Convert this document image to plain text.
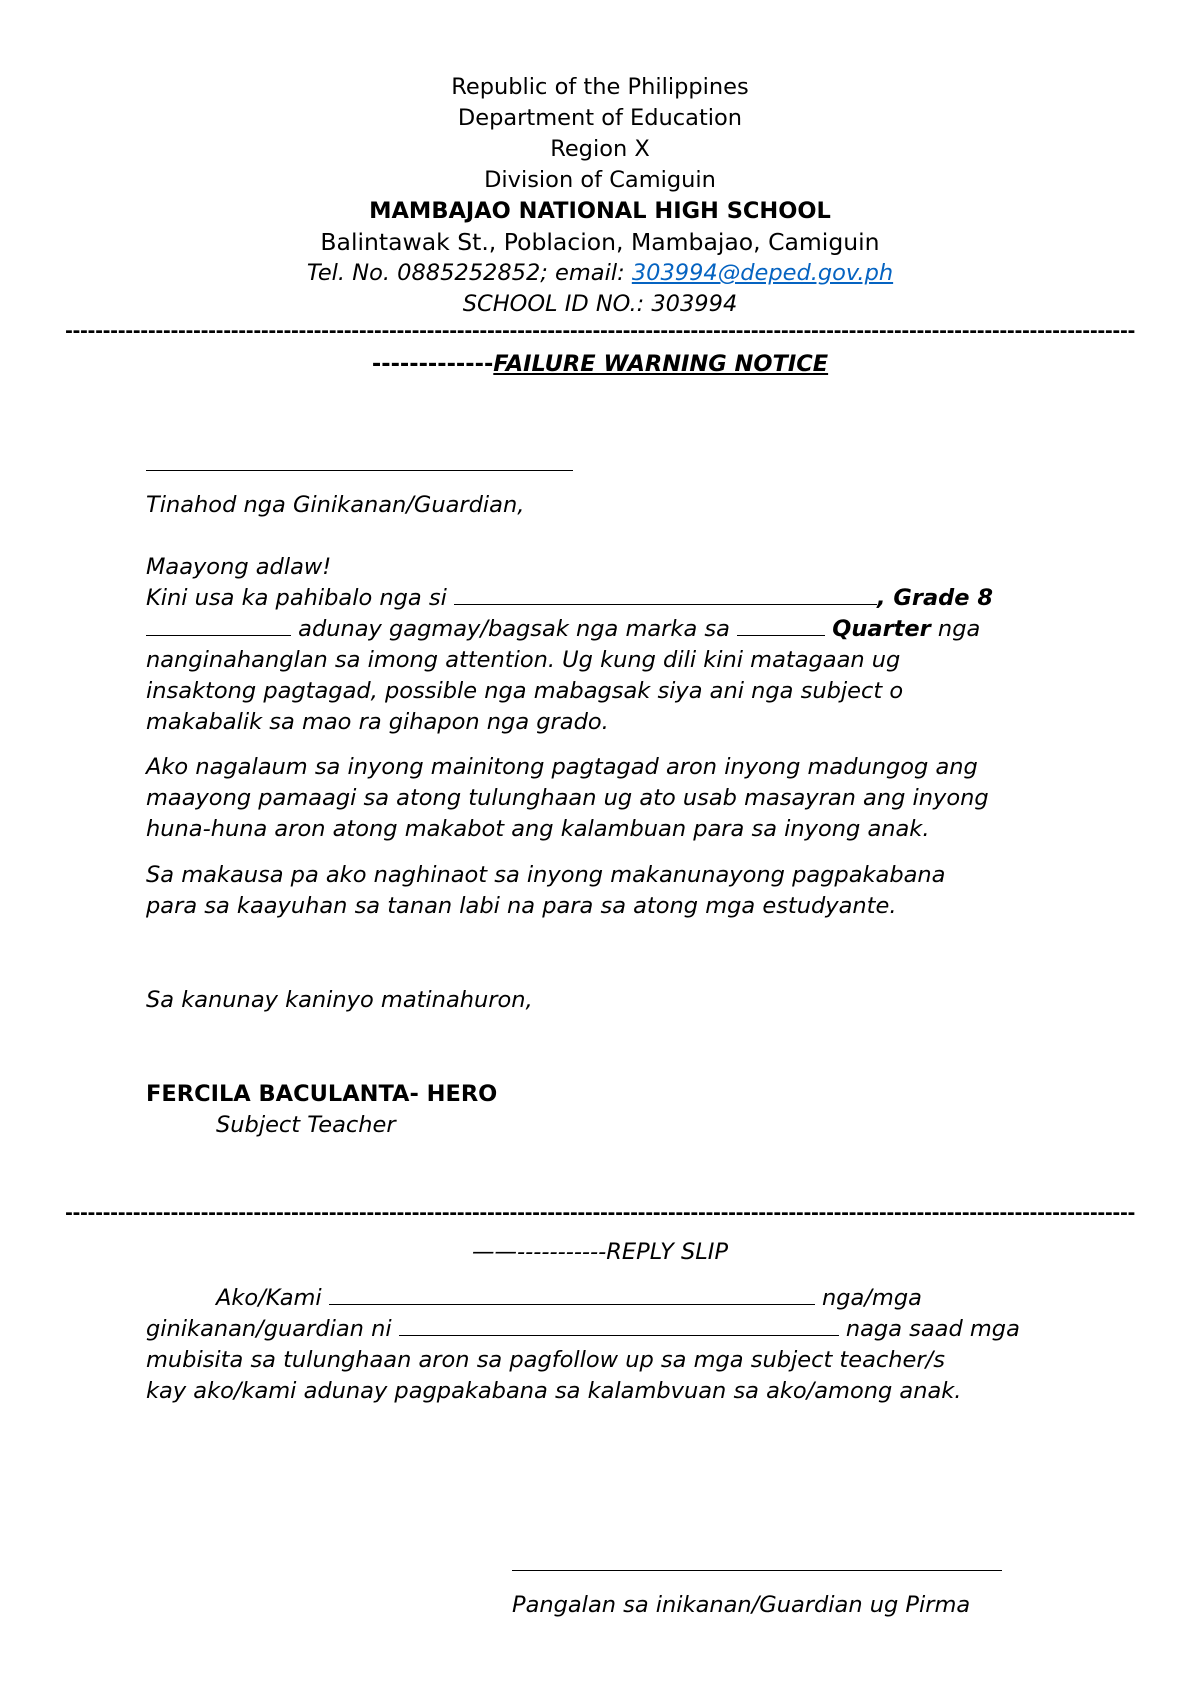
Republic of the Philippines
Department of Education
Region X
Division of Camiguin
MAMBAJAO NATIONAL HIGH SCHOOL
Balintawak St., Poblacion, Mambajao, Camiguin
Tel. No. 0885252852; email: 303994@deped.gov.ph
SCHOOL ID NO.: 303994
----------------------------------------------------------------------------------------------------------------------------------------------
-------------FAILURE WARNING NOTICE
Tinahod nga Ginikanan/Guardian,
Maayong adlaw!
Kini usa ka pahibalo nga si	, Grade 8
adunay gagmay/bagsak nga marka sa	Quarter nga
nanginahanglan sa imong attention. Ug kung dili kini matagaan ug
insaktong pagtagad, possible nga mabagsak siya ani nga subject o
makabalik sa mao ra gihapon nga grado.
Ako nagalaum sa inyong mainitong pagtagad aron inyong madungog ang
maayong pamaagi sa atong tulunghaan ug ato usab masayran ang inyong
huna-huna aron atong makabot ang kalambuan para sa inyong anak.
Sa makausa pa ako naghinaot sa inyong makanunayong pagpakabana
para sa kaayuhan sa tanan labi na para sa atong mga estudyante.
Sa kanunay kaninyo matinahuron,
FERCILA BACULANTA- HERO
Subject Teacher
----------------------------------------------------------------------------------------------------------------------------------------------
——-----------REPLY SLIP
Ako/Kami	nga/mga
ginikanan/guardian ni	naga saad mga
mubisita sa tulunghaan aron sa pagfollow up sa mga subject teacher/s
kay ako/kami adunay pagpakabana sa kalambvuan sa ako/among anak.
Pangalan sa inikanan/Guardian ug Pirma
